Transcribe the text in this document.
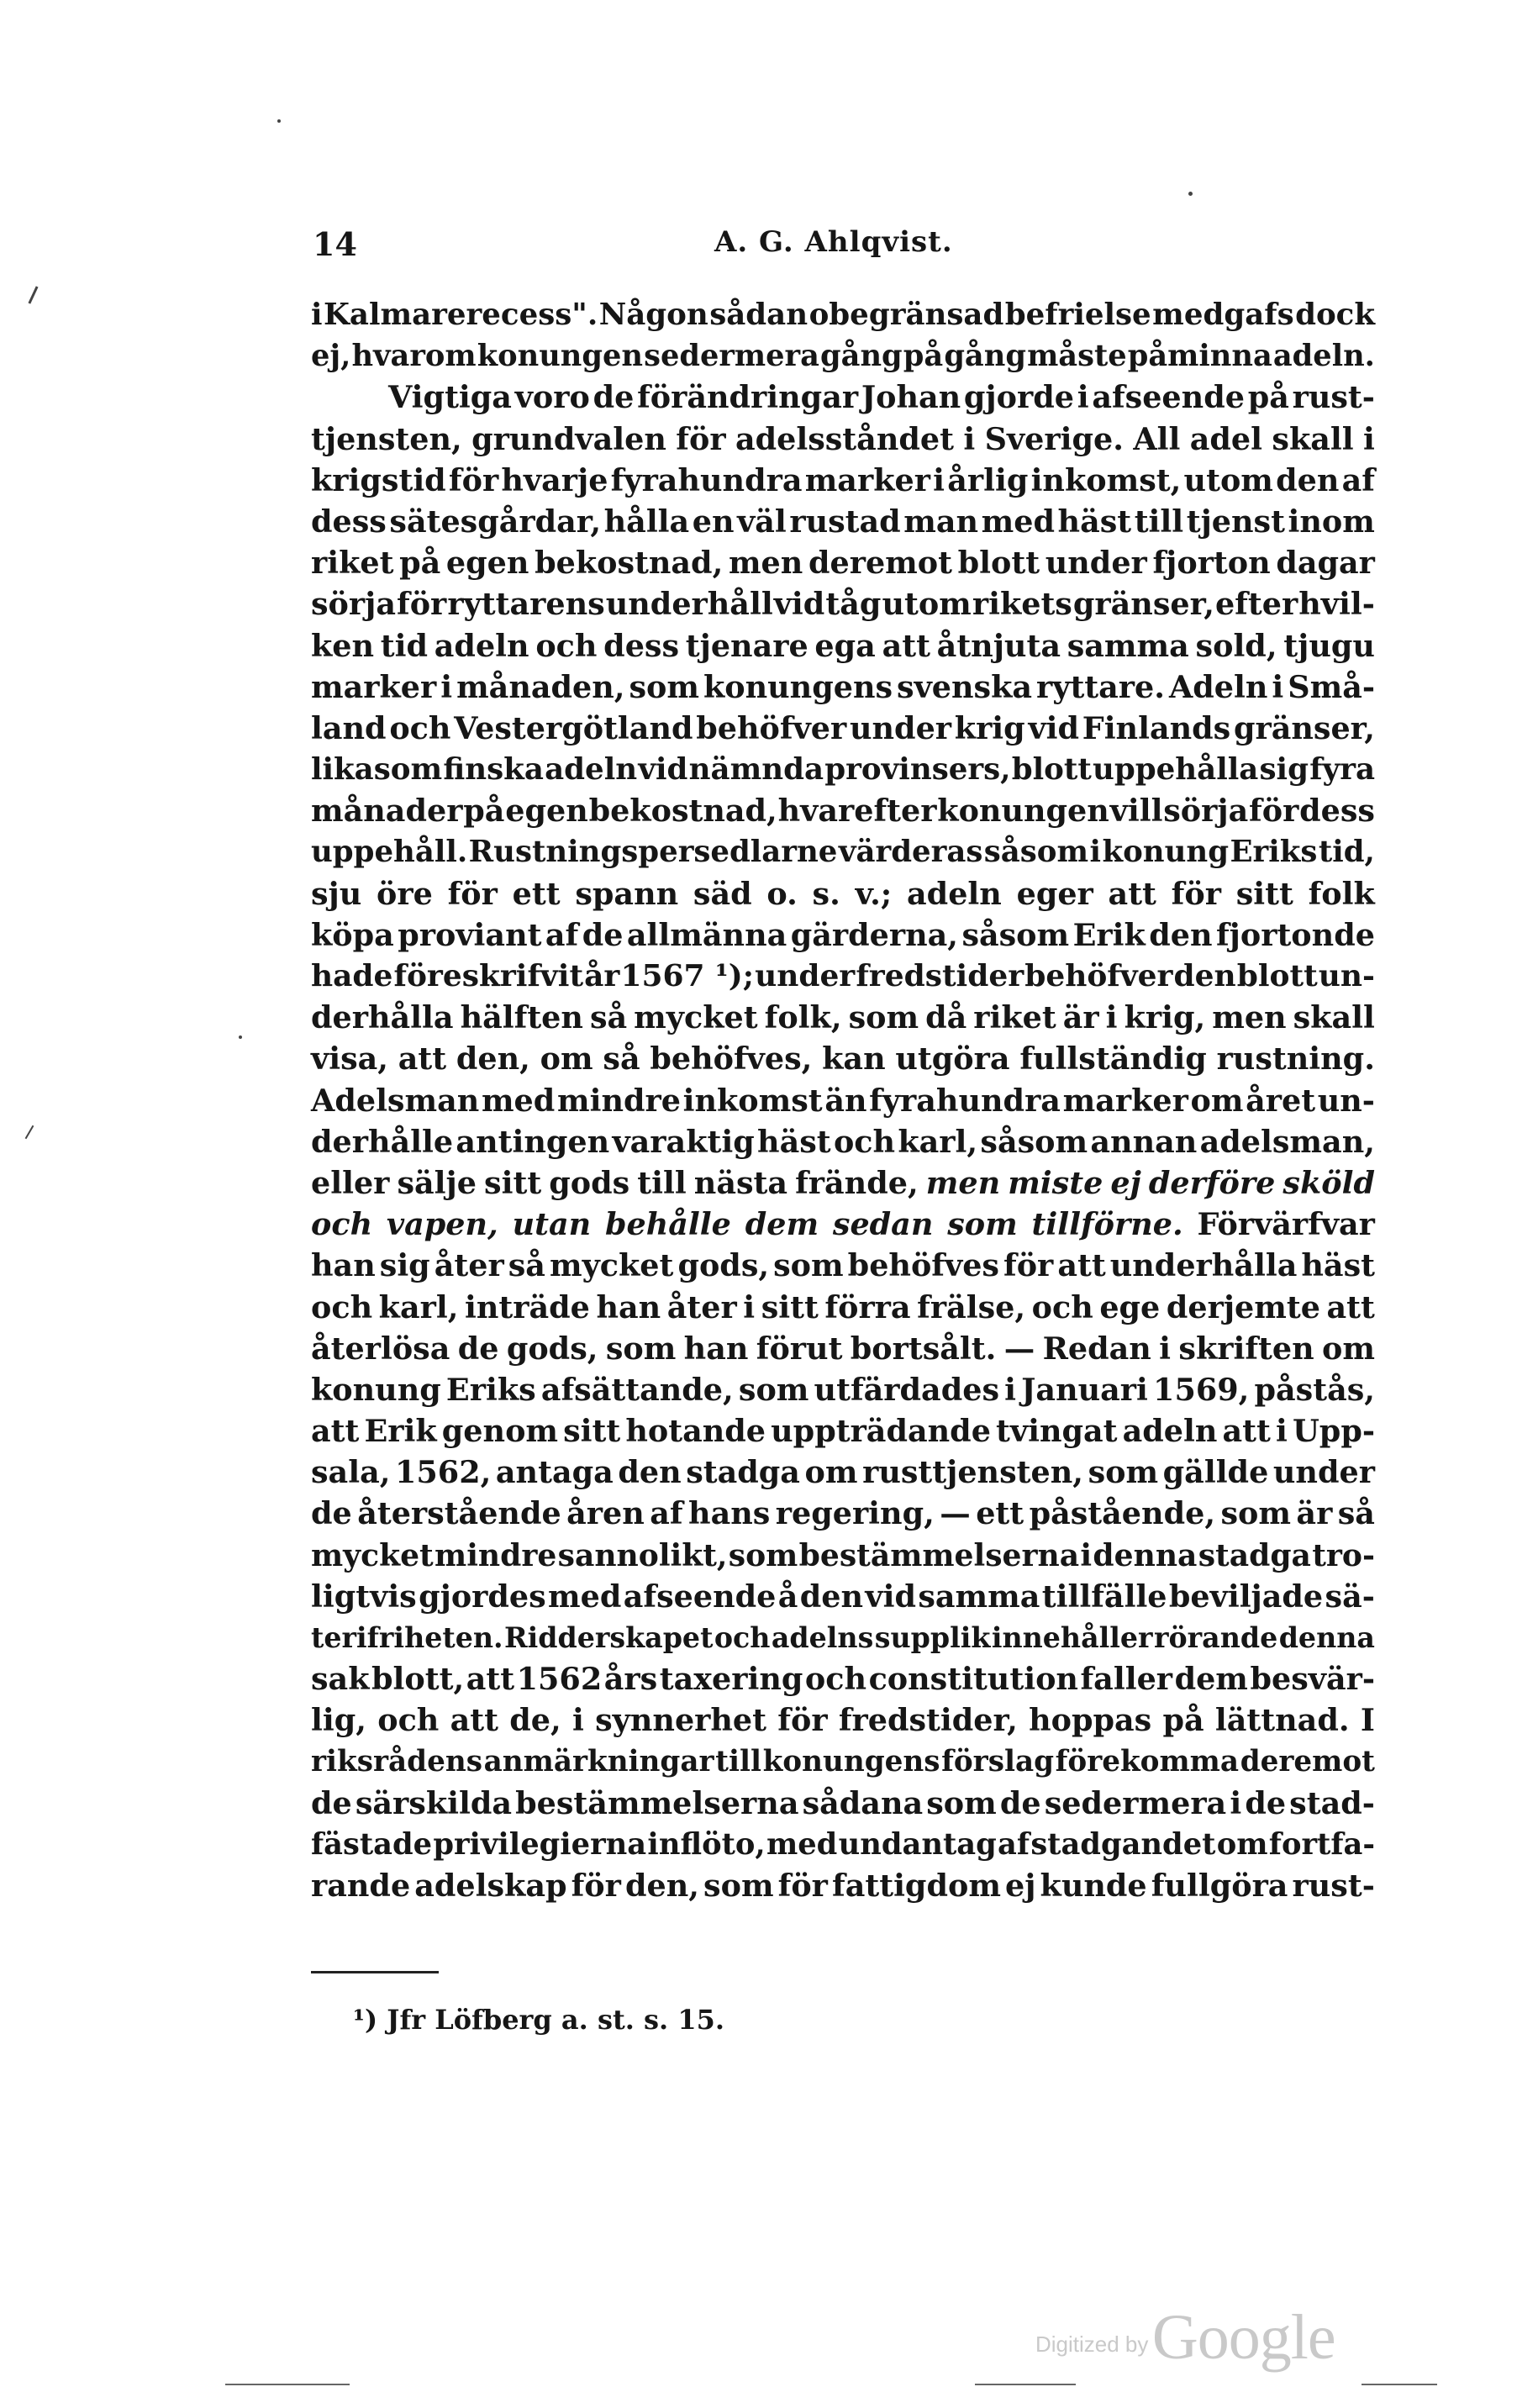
14	A. G. Ahlqvist.
i Kalmarerecess". Någon sådan obegränsad befrielse medgafs dock
ej, hvarom konungen sedermera gång på gång måste påminna adeln.
Vigtiga voro de förändringar Johan gjorde i afseende på rust-
tjensten, grundvalen för adelsståndet i Sverige. All adel skall i
krigstid för hvarje fyrahundra marker i årlig inkomst, utom den af
dess sätesgårdar, hålla en väl rustad man med häst till tjenst inom
riket på egen bekostnad, men deremot blott under fjorton dagar
sörja för ryttarens underhåll vid tåg utom rikets gränser, efter hvil-
ken tid adeln och dess tjenare ega att åtnjuta samma sold, tjugu
marker i månaden, som konungens svenska ryttare. Adeln i Små-
land och Vestergötland behöfver under krig vid Finlands gränser,
likasom finska adeln vid nämnda provinsers, blott uppehålla sig fyra
månader på egen bekostnad, hvarefter konungen vill sörja för dess
uppehåll. Rustningspersedlarne värderas såsom i konung Eriks tid,
sju öre för ett spann säd o. s. v.; adeln eger att för sitt folk
köpa proviant af de allmänna gärderna, såsom Erik den fjortonde
hade föreskrifvit år 1567 ¹); under fredstider behöfver den blott un-
derhålla hälften så mycket folk, som då riket är i krig, men skall
visa, att den, om så behöfves, kan utgöra fullständig rustning.
Adelsman med mindre inkomst än fyrahundra marker om året un-
derhålle antingen varaktig häst och karl, såsom annan adelsman,
eller sälje sitt gods till nästa frände, men miste ej derföre sköld
och vapen, utan behålle dem sedan som tillförne. Förvärfvar
han sig åter så mycket gods, som behöfves för att underhålla häst
och karl, inträde han åter i sitt förra frälse, och ege derjemte att
återlösa de gods, som han förut bortsålt. — Redan i skriften om
konung Eriks afsättande, som utfärdades i Januari 1569, påstås,
att Erik genom sitt hotande uppträdande tvingat adeln att i Upp-
sala, 1562, antaga den stadga om rusttjensten, som gällde under
de återstående åren af hans regering, — ett påstående, som är så
mycket mindre sannolikt, som bestämmelserna i denna stadga tro-
ligtvis gjordes med afseende å den vid samma tillfälle beviljade sä-
terifriheten. Ridderskapet och adelns supplik innehåller rörande denna
sak blott, att 1562 års taxering och constitution faller dem besvär-
lig, och att de, i synnerhet för fredstider, hoppas på lättnad. I
riksrådens anmärkningar till konungens förslag förekomma deremot
de särskilda bestämmelserna sådana som de sedermera i de stad-
fästade privilegierna inflöto, med undantag af stadgandet om fortfa-
rande adelskap för den, som för fattigdom ej kunde fullgöra rust-
¹) Jfr Löfberg a. st. s. 15.
Digitized by Google
